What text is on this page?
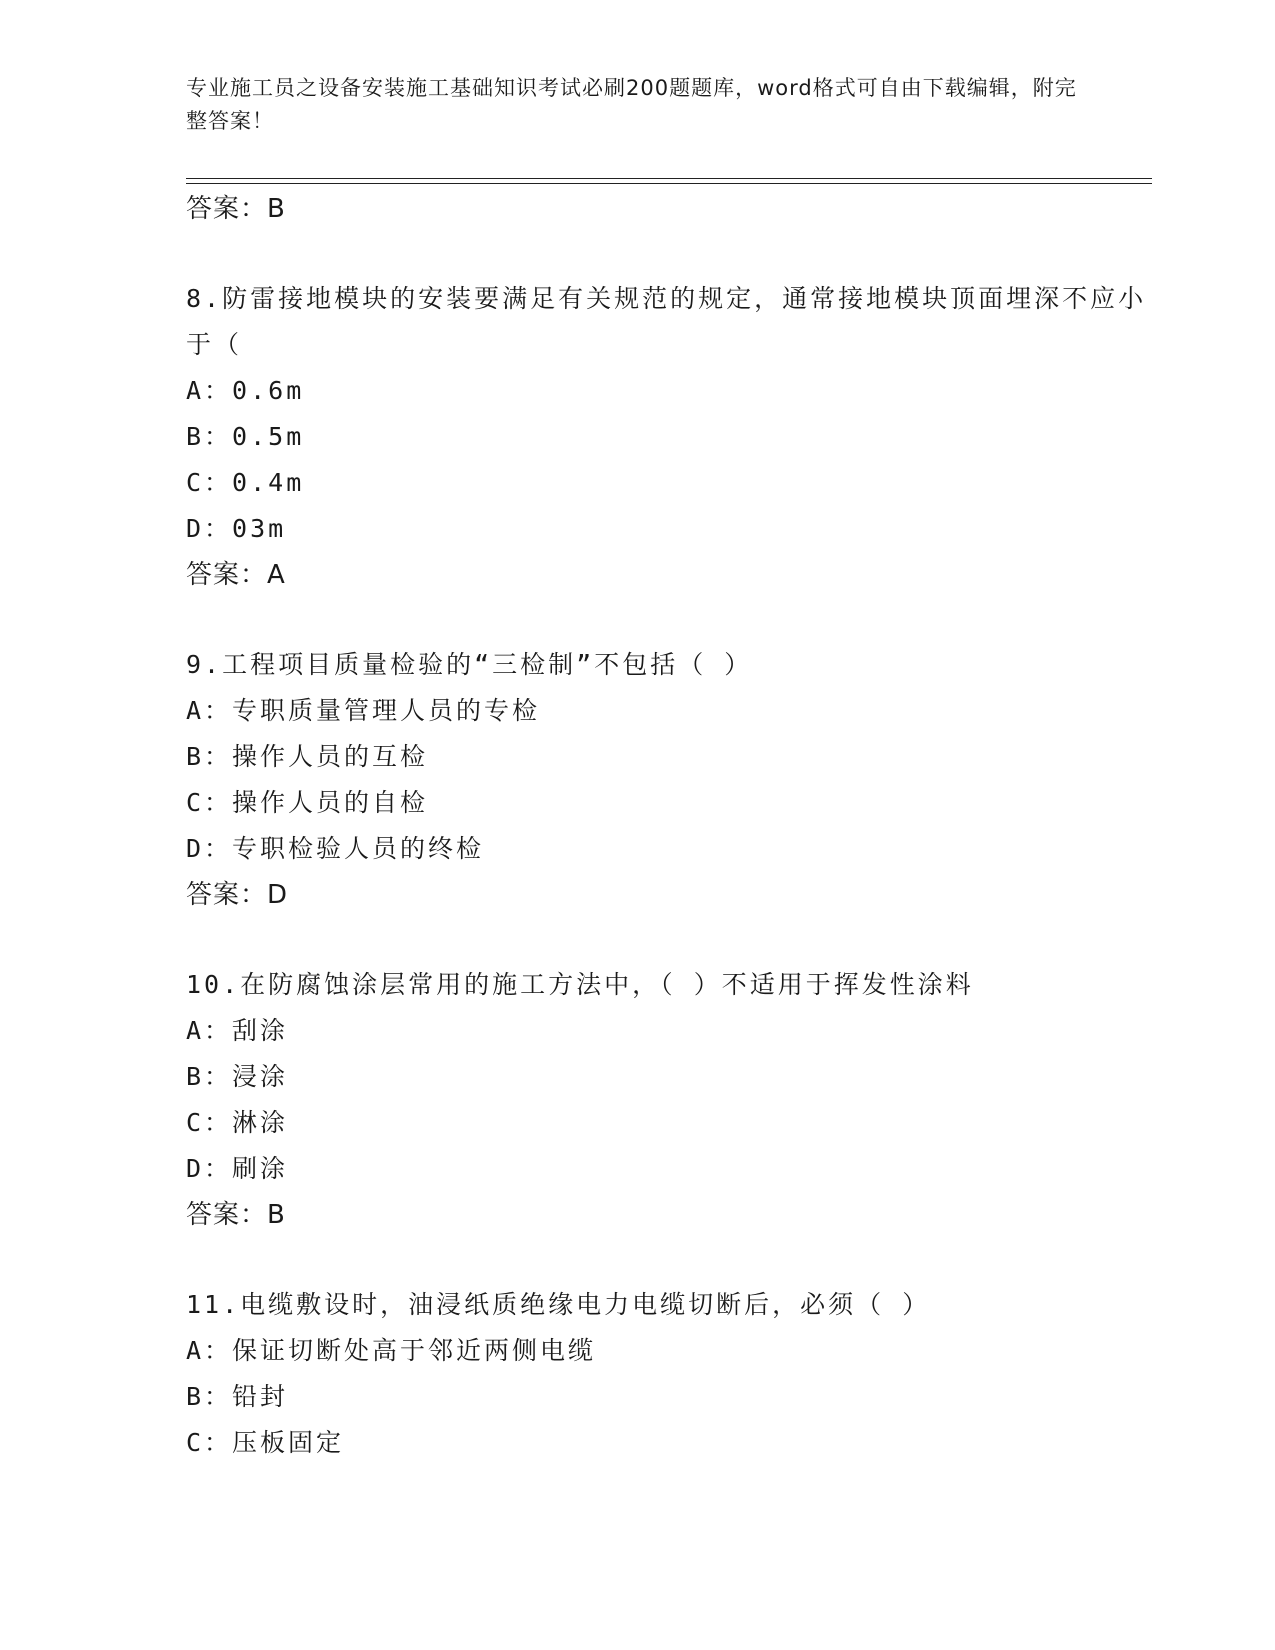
专业施工员之设备安装施工基础知识考试必刷200题题库，word格式可自由下载编辑，附完整答案！
答案：B
8.防雷接地模块的安装要满足有关规范的规定，通常接地模块顶面埋深不应小于（
A：0.6m
B：0.5m
C：0.4m
D：03m
答案：A
9.工程项目质量检验的“三检制”不包括（ ）
A：专职质量管理人员的专检
B：操作人员的互检
C：操作人员的自检
D：专职检验人员的终检
答案：D
10.在防腐蚀涂层常用的施工方法中，（ ）不适用于挥发性涂料
A：刮涂
B：浸涂
C：淋涂
D：刷涂
答案：B
11.电缆敷设时，油浸纸质绝缘电力电缆切断后，必须（ ）
A：保证切断处高于邻近两侧电缆
B：铅封
C：压板固定
